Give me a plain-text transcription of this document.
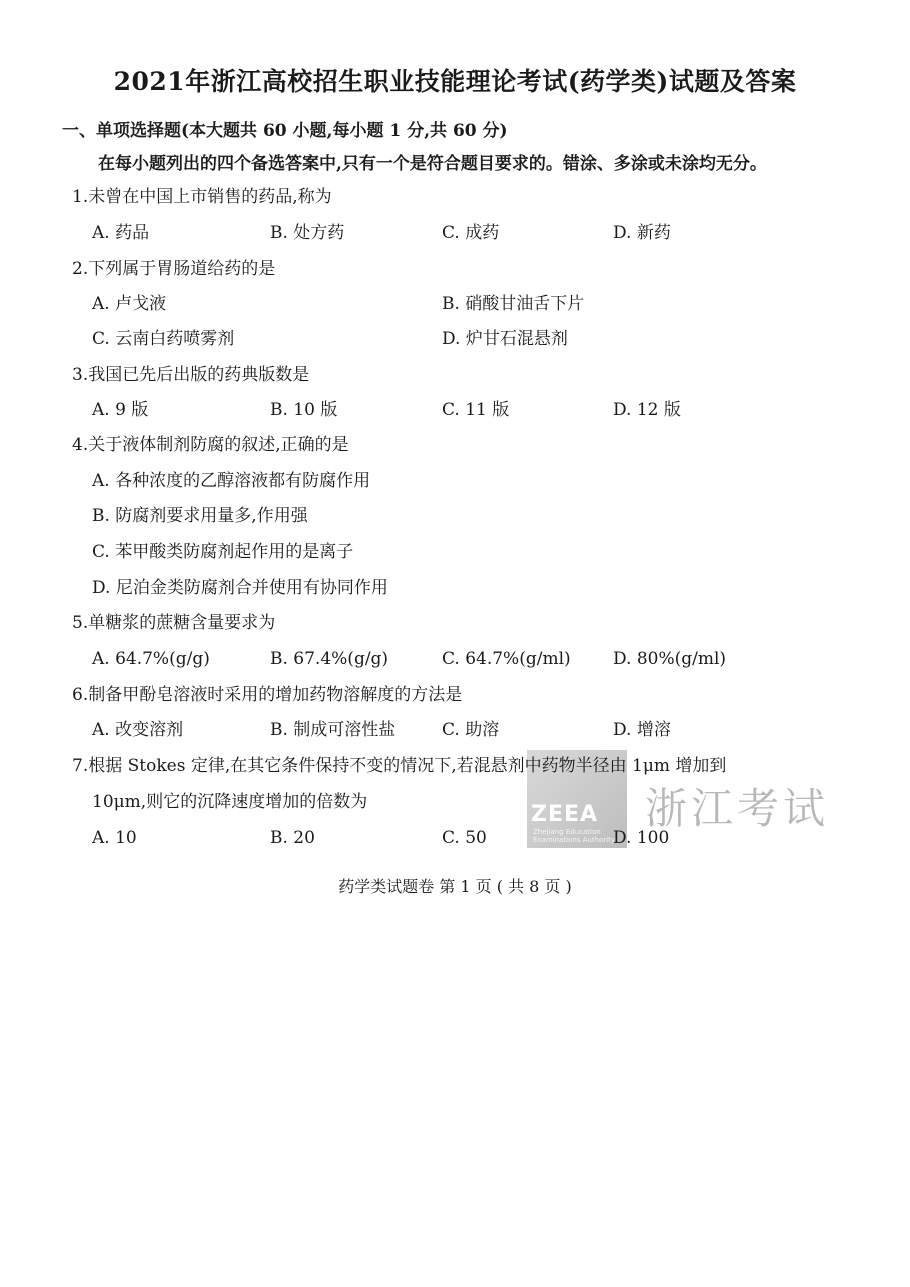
2021年浙江高校招生职业技能理论考试(药学类)试题及答案
一、单项选择题(本大题共 60 小题,每小题 1 分,共 60 分)
在每小题列出的四个备选答案中,只有一个是符合题目要求的。错涂、多涂或未涂均无分。
1.未曾在中国上市销售的药品,称为
A. 药品	B. 处方药	C. 成药	D. 新药
2.下列属于胃肠道给药的是
A. 卢戈液	B. 硝酸甘油舌下片
C. 云南白药喷雾剂	D. 炉甘石混悬剂
3.我国已先后出版的药典版数是
A. 9 版	B. 10 版	C. 11 版	D. 12 版
4.关于液体制剂防腐的叙述,正确的是
A. 各种浓度的乙醇溶液都有防腐作用
B. 防腐剂要求用量多,作用强
C. 苯甲酸类防腐剂起作用的是离子
D. 尼泊金类防腐剂合并使用有协同作用
5.单糖浆的蔗糖含量要求为
A. 64.7%(g/g)	B. 67.4%(g/g)	C. 64.7%(g/ml) D. 80%(g/ml)
6.制备甲酚皂溶液时采用的增加药物溶解度的方法是
A. 改变溶剂	B. 制成可溶性盐	C. 助溶	D. 增溶
ZEEA
Zhejiang Education Examinations Authority
浙江考试
7.根据 Stokes 定律,在其它条件保持不变的情况下,若混悬剂中药物半径由 1μm 增加到
10μm,则它的沉降速度增加的倍数为
A. 10	B. 20	C. 50	D. 100
药学类试题卷 第 1 页 ( 共 8 页 )
